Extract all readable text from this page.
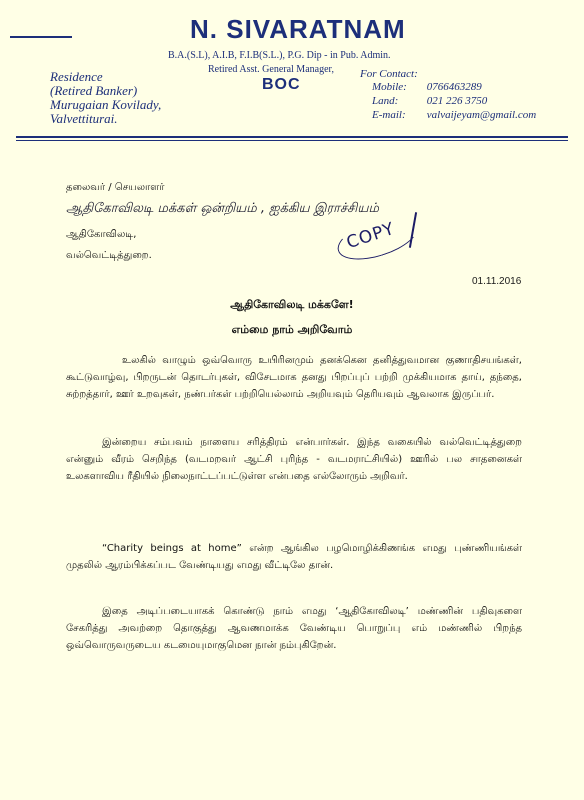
N. SIVARATNAM
B.A.(S.L), A.I.B, F.I.B(S.L.), P.G. Dip - in Pub. Admin.
Retired Asst. General Manager,
BOC
Residence
(Retired Banker)
Murugaian Kovilady,
Valvettiturai.
For Contact:
Mobile: 0766463289
Land:	021 226 3750
E-mail: valvaijeyam@gmail.com
தலைவர் / செயலாளர்
ஆதிகோவிலடி மக்கள் ஒன்றியம் , ஐக்கிய இராச்சியம்
ஆதிகோவிலடி,
வல்வெட்டித்துறை.
COPY
01.11.2016
ஆதிகோவிலடி மக்களே!
எம்மை நாம் அறிவோம்
உலகில் வாழும் ஒவ்வொரு உயிரினமும் தனக்கென தனித்துவமான குணாதிசயங்கள், கூட்டுவாழ்வு, பிறருடன் தொடர்புகள், விசேடமாக தனது பிறப்புப் பற்றி முக்கியமாக தாய், தந்தை, சுற்றத்தார், ஊர் உறவுகள், நண்பர்கள் பற்றியெல்லாம் அறியவும் தெரியவும் ஆவலாக இருப்பர்.
இன்றைய சம்பவம் நாளைய சரித்திரம் என்பார்கள். இந்த வகையில் வல்வெட்டித்துறை என்னும் வீரம் செறிந்த (வடமறவர் ஆட்சி புரிந்த - வடமராட்சியில்) ஊரில் பல சாதனைகள் உலகளாவிய ரீதியில் நிலைநாட்டப்பட்டுள்ள என்பதை எல்லோரும் அறிவர்.
“Charity beings at home” என்ற ஆங்கில பழமொழிக்கிணங்க எமது புண்ணியங்கள் முதலில் ஆரம்பிக்கப்பட வேண்டியது எமது வீட்டிலே தான்.
இதை அடிப்படையாகக் கொண்டு நாம் எமது ‘ஆதிகோவிலடி’ மண்ணின் பதிவுகளை சேகரித்து அவற்றை தொகுத்து ஆவணமாக்க வேண்டிய பொறுப்பு எம் மண்ணில் பிறந்த ஒவ்வொருவருடைய கடமையுமாகுமென நான் நம்புகிறேன்.
